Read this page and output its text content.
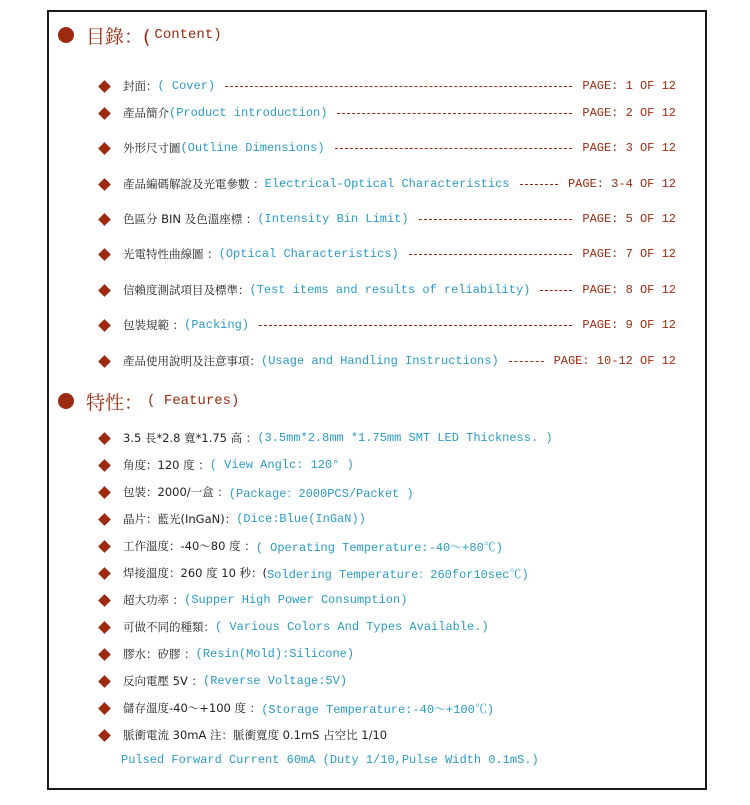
目錄：( Content)
封面： ( Cover)	PAGE: 1 OF 12
產品簡介 (Product introduction)	PAGE: 2 OF 12
外形尺寸圖 (Outline Dimensions)	PAGE: 3 OF 12
產品編碼解說及光電參數 ： Electrical-Optical Characteristics	PAGE: 3-4 OF 12
色區分 BIN 及色溫座標 ： (Intensity Bin Limit)	PAGE: 5 OF 12
光電特性曲線圖 ： (Optical Characteristics)	PAGE: 7 OF 12
信賴度測試項目及標準： (Test items and results of reliability)	PAGE: 8 OF 12
包裝規範 ： (Packing)	PAGE: 9 OF 12
產品使用說明及注意事項： (Usage and Handling Instructions)	PAGE: 10-12 OF 12
特性： ( Features)
3.5 長*2.8 寬*1.75 高 ： (3.5mm*2.8mm *1.75mm SMT LED Thickness. )
角度：120 度 ： ( View Anglc: 120° )
包裝：2000/一盒 ： (Package：2000PCS/Packet )
晶片：藍光(InGaN)： (Dice:Blue(InGaN))
工作溫度：-40～80 度 ： ( Operating Temperature:-40～+80℃)
焊接溫度：260 度 10 秒：( Soldering Temperature：260for10sec℃)
超大功率 ： (Supper High Power Consumption)
可做不同的種類： ( Various Colors And Types Available.)
膠水：矽膠 ： (Resin(Mold):Silicone)
反向電壓 5V ： (Reverse Voltage:5V)
儲存溫度-40～+100 度 ： (Storage Temperature:-40～+100℃)
脈衝電流 30mA 注：脈衝寬度 0.1mS 占空比 1/10
Pulsed Forward Current 60mA (Duty 1/10,Pulse Width 0.1mS.)
